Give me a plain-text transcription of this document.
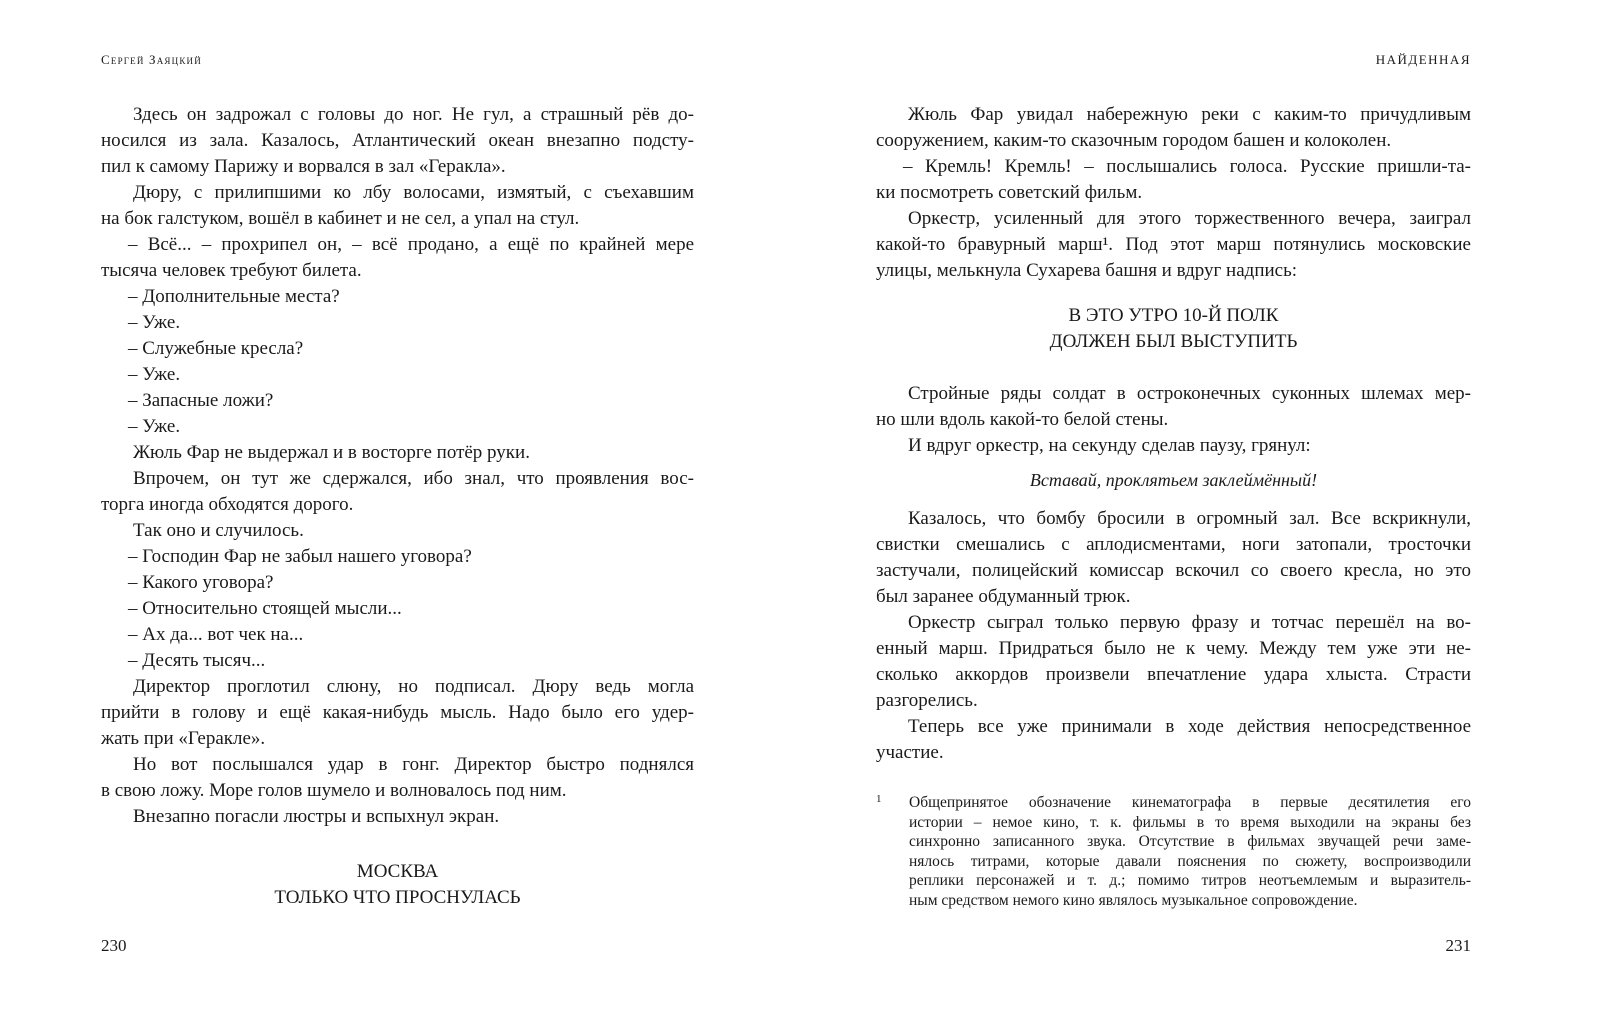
Сергей Заяцкий
Здесь он задрожал с головы до ног. Не гул, а страшный рёв до-
носился из зала. Казалось, Атлантический океан внезапно подсту-
пил к самому Парижу и ворвался в зал «Геракла».
Дюру, с прилипшими ко лбу волосами, измятый, с съехавшим
на бок галстуком, вошёл в кабинет и не сел, а упал на стул.
– Всё... – прохрипел он, – всё продано, а ещё по крайней мере
тысяча человек требуют билета.
– Дополнительные места?
– Уже.
– Служебные кресла?
– Уже.
– Запасные ложи?
– Уже.
Жюль Фар не выдержал и в восторге потёр руки.
Впрочем, он тут же сдержался, ибо знал, что проявления вос-
торга иногда обходятся дорого.
Так оно и случилось.
– Господин Фар не забыл нашего уговора?
– Какого уговора?
– Относительно стоящей мысли...
– Ах да... вот чек на...
– Десять тысяч...
Директор проглотил слюну, но подписал. Дюру ведь могла
прийти в голову и ещё какая-нибудь мысль. Надо было его удер-
жать при «Геракле».
Но вот послышался удар в гонг. Директор быстро поднялся
в свою ложу. Море голов шумело и волновалось под ним.
Внезапно погасли люстры и вспыхнул экран.
МОСКВА
ТОЛЬКО ЧТО ПРОСНУЛАСЬ
230
НАЙДЕННАЯ
Жюль Фар увидал набережную реки с каким-то причудливым
сооружением, каким-то сказочным городом башен и колоколен.
– Кремль! Кремль! – послышались голоса. Русские пришли-та-
ки посмотреть советский фильм.
Оркестр, усиленный для этого торжественного вечера, заиграл
какой-то бравурный марш¹. Под этот марш потянулись московские
улицы, мелькнула Сухарева башня и вдруг надпись:
В ЭТО УТРО 10-Й ПОЛК
ДОЛЖЕН БЫЛ ВЫСТУПИТЬ
Стройные ряды солдат в остроконечных суконных шлемах мер-
но шли вдоль какой-то белой стены.
И вдруг оркестр, на секунду сделав паузу, грянул:
Вставай, проклятьем заклеймённый!
Казалось, что бомбу бросили в огромный зал. Все вскрикнули,
свистки смешались с аплодисментами, ноги затопали, тросточки
застучали, полицейский комиссар вскочил со своего кресла, но это
был заранее обдуманный трюк.
Оркестр сыграл только первую фразу и тотчас перешёл на во-
енный марш. Придраться было не к чему. Между тем уже эти не-
сколько аккордов произвели впечатление удара хлыста. Страсти
разгорелись.
Теперь все уже принимали в ходе действия непосредственное
участие.
1 Общепринятое обозначение кинематографа в первые десятилетия его
истории – немое кино, т. к. фильмы в то время выходили на экраны без
синхронно записанного звука. Отсутствие в фильмах звучащей речи заме-
нялось титрами, которые давали пояснения по сюжету, воспроизводили
реплики персонажей и т. д.; помимо титров неотъемлемым и выразитель-
ным средством немого кино являлось музыкальное сопровождение.
231
